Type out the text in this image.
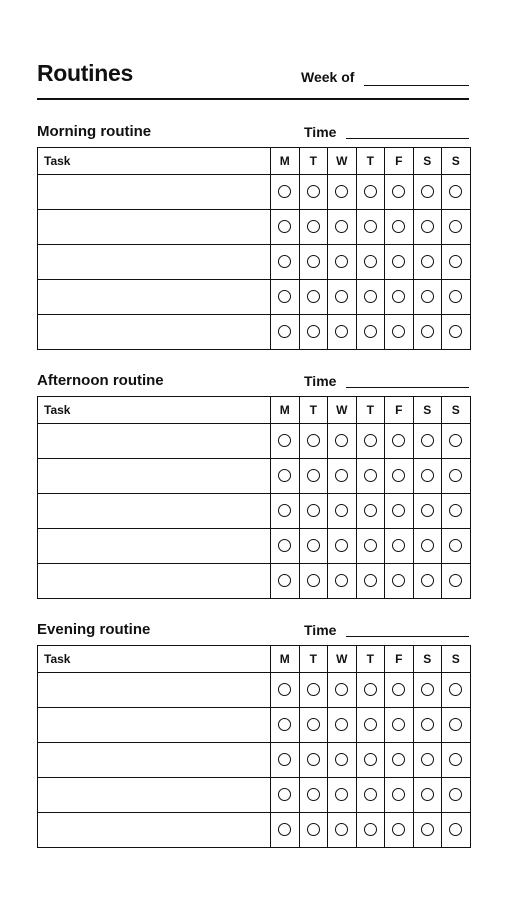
Routines	Week of
Morning routine	Time
Task	M	T	W	T	F	S	S

Afternoon routine	Time
Task	M	T	W	T	F	S	S

Evening routine	Time
Task	M	T	W	T	F	S	S
